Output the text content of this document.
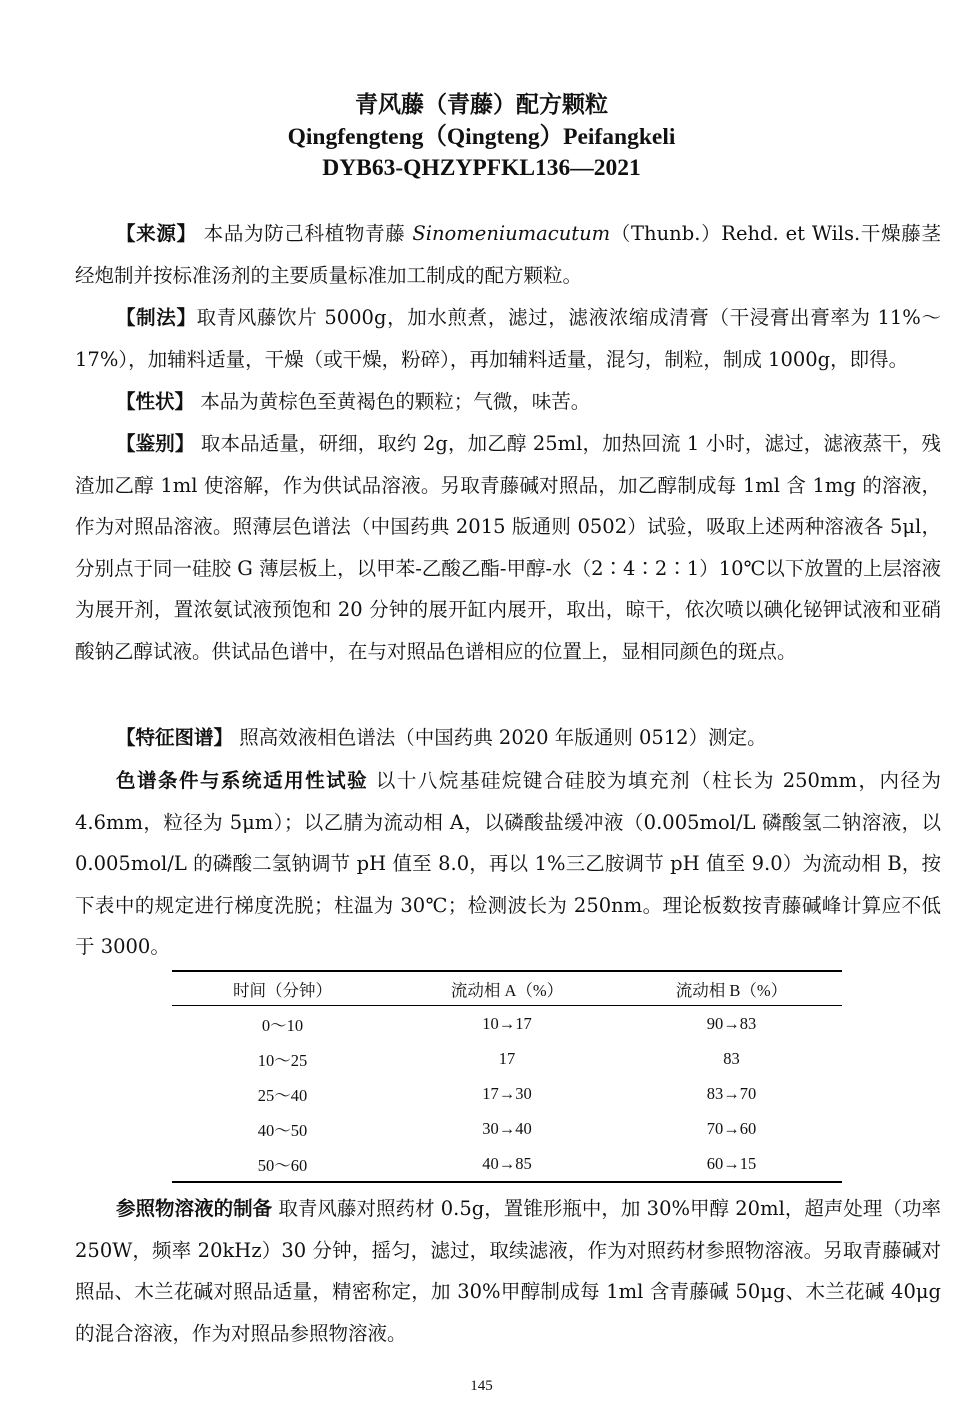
青风藤（青藤）配方颗粒
Qingfengteng（Qingteng）Peifangkeli
DYB63-QHZYPFKL136—2021

【来源】 本品为防己科植物青藤 Sinomeniumacutum（Thunb.）Rehd. et Wils.干燥藤茎经炮制并按标准汤剂的主要质量标准加工制成的配方颗粒。

【制法】取青风藤饮片 5000g，加水煎煮，滤过，滤液浓缩成清膏（干浸膏出膏率为 11%～17%），加辅料适量，干燥（或干燥，粉碎），再加辅料适量，混匀，制粒，制成 1000g，即得。

【性状】 本品为黄棕色至黄褐色的颗粒；气微，味苦。

【鉴别】 取本品适量，研细，取约 2g，加乙醇 25ml，加热回流 1 小时，滤过，滤液蒸干，残渣加乙醇 1ml 使溶解，作为供试品溶液。另取青藤碱对照品，加乙醇制成每 1ml 含 1mg 的溶液，作为对照品溶液。照薄层色谱法（中国药典 2015 版通则 0502）试验，吸取上述两种溶液各 5μl，分别点于同一硅胶 G 薄层板上，以甲苯-乙酸乙酯-甲醇-水（2∶4∶2∶1）10℃以下放置的上层溶液为展开剂，置浓氨试液预饱和 20 分钟的展开缸内展开，取出，晾干，依次喷以碘化铋钾试液和亚硝酸钠乙醇试液。供试品色谱中，在与对照品色谱相应的位置上，显相同颜色的斑点。

【特征图谱】 照高效液相色谱法（中国药典 2020 年版通则 0512）测定。

色谱条件与系统适用性试验 以十八烷基硅烷键合硅胶为填充剂（柱长为 250mm，内径为 4.6mm，粒径为 5μm）；以乙腈为流动相 A，以磷酸盐缓冲液（0.005mol/L 磷酸氢二钠溶液，以 0.005mol/L 的磷酸二氢钠调节 pH 值至 8.0，再以 1%三乙胺调节 pH 值至 9.0）为流动相 B，按下表中的规定进行梯度洗脱；柱温为 30℃；检测波长为 250nm。理论板数按青藤碱峰计算应不低于 3000。

时间（分钟）	流动相 A（%）	流动相 B（%）
0～10	10→17	90→83
10～25	17	83
25～40	17→30	83→70
40～50	30→40	70→60
50～60	40→85	60→15

参照物溶液的制备 取青风藤对照药材 0.5g，置锥形瓶中，加 30%甲醇 20ml，超声处理（功率 250W，频率 20kHz）30 分钟，摇匀，滤过，取续滤液，作为对照药材参照物溶液。另取青藤碱对照品、木兰花碱对照品适量，精密称定，加 30%甲醇制成每 1ml 含青藤碱 50μg、木兰花碱 40μg 的混合溶液，作为对照品参照物溶液。

145
